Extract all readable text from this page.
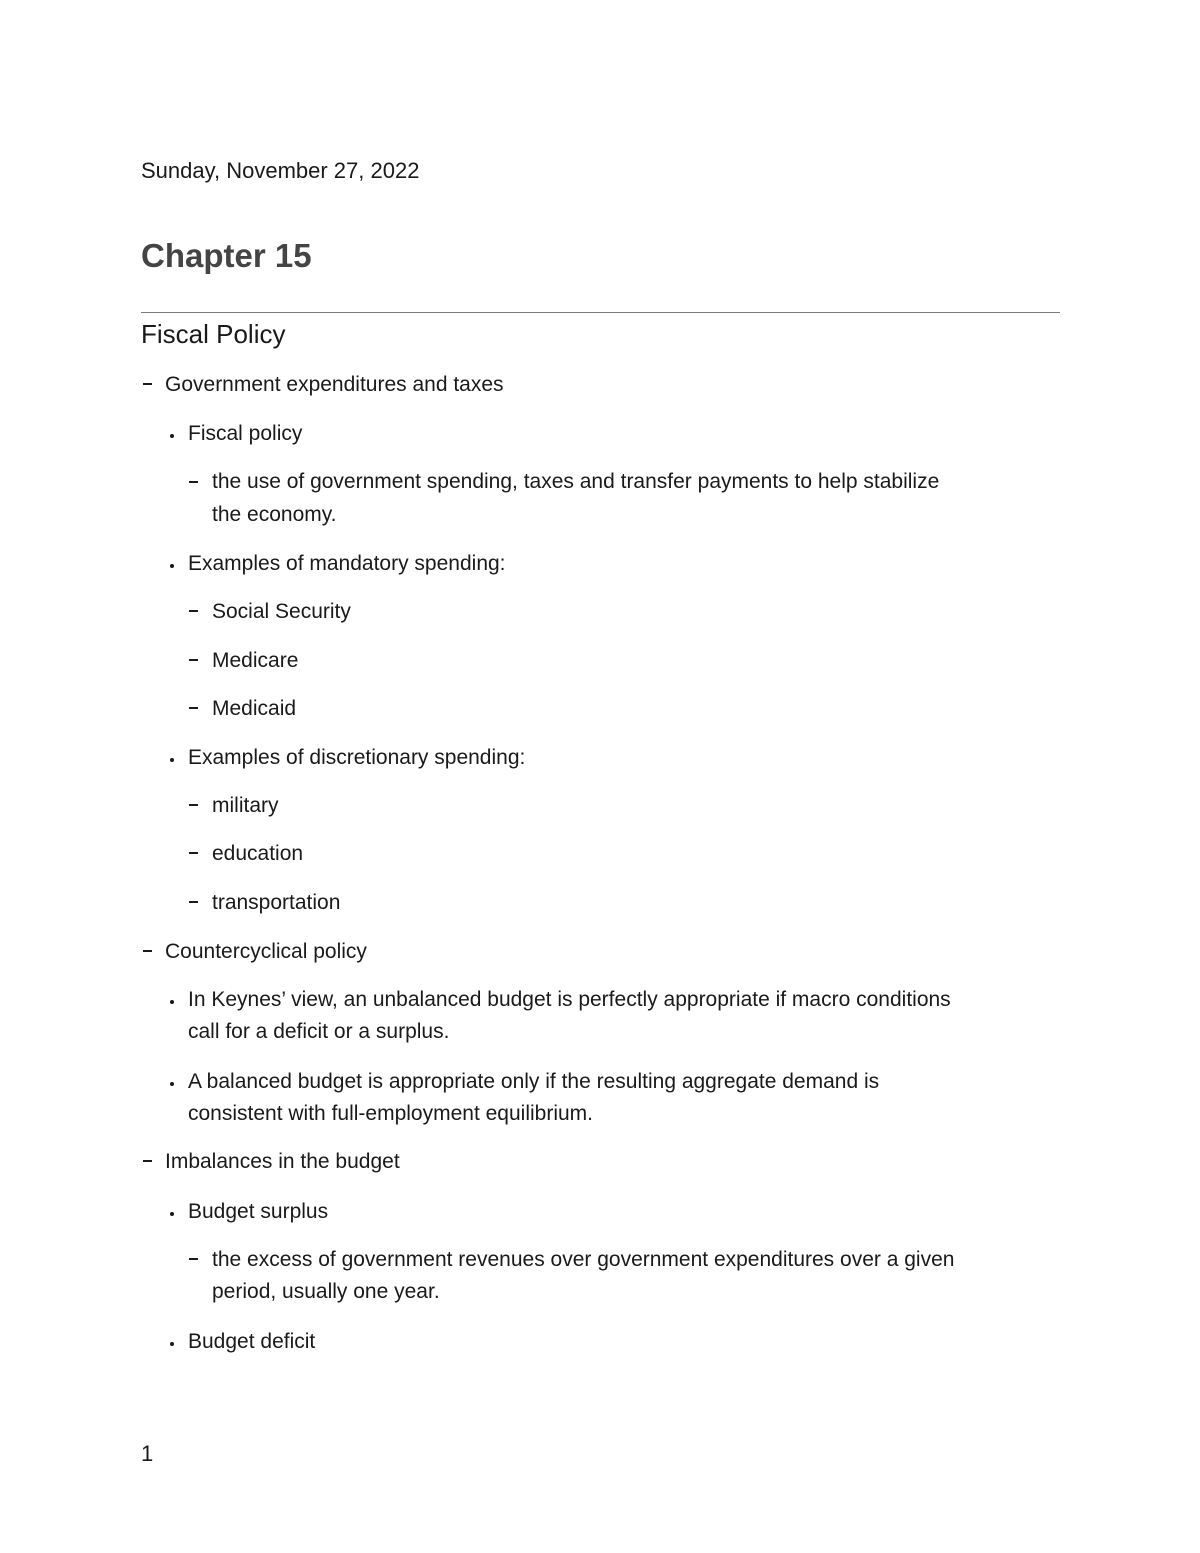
Sunday, November 27, 2022
Chapter 15
Fiscal Policy
Government expenditures and taxes
Fiscal policy
the use of government spending, taxes and transfer payments to help stabilize
the economy.
Examples of mandatory spending:
Social Security
Medicare
Medicaid
Examples of discretionary spending:
military
education
transportation
Countercyclical policy
In Keynes’ view, an unbalanced budget is perfectly appropriate if macro conditions
call for a deficit or a surplus.
A balanced budget is appropriate only if the resulting aggregate demand is
consistent with full-employment equilibrium.
Imbalances in the budget
Budget surplus
the excess of government revenues over government expenditures over a given
period, usually one year.
Budget deficit
1
